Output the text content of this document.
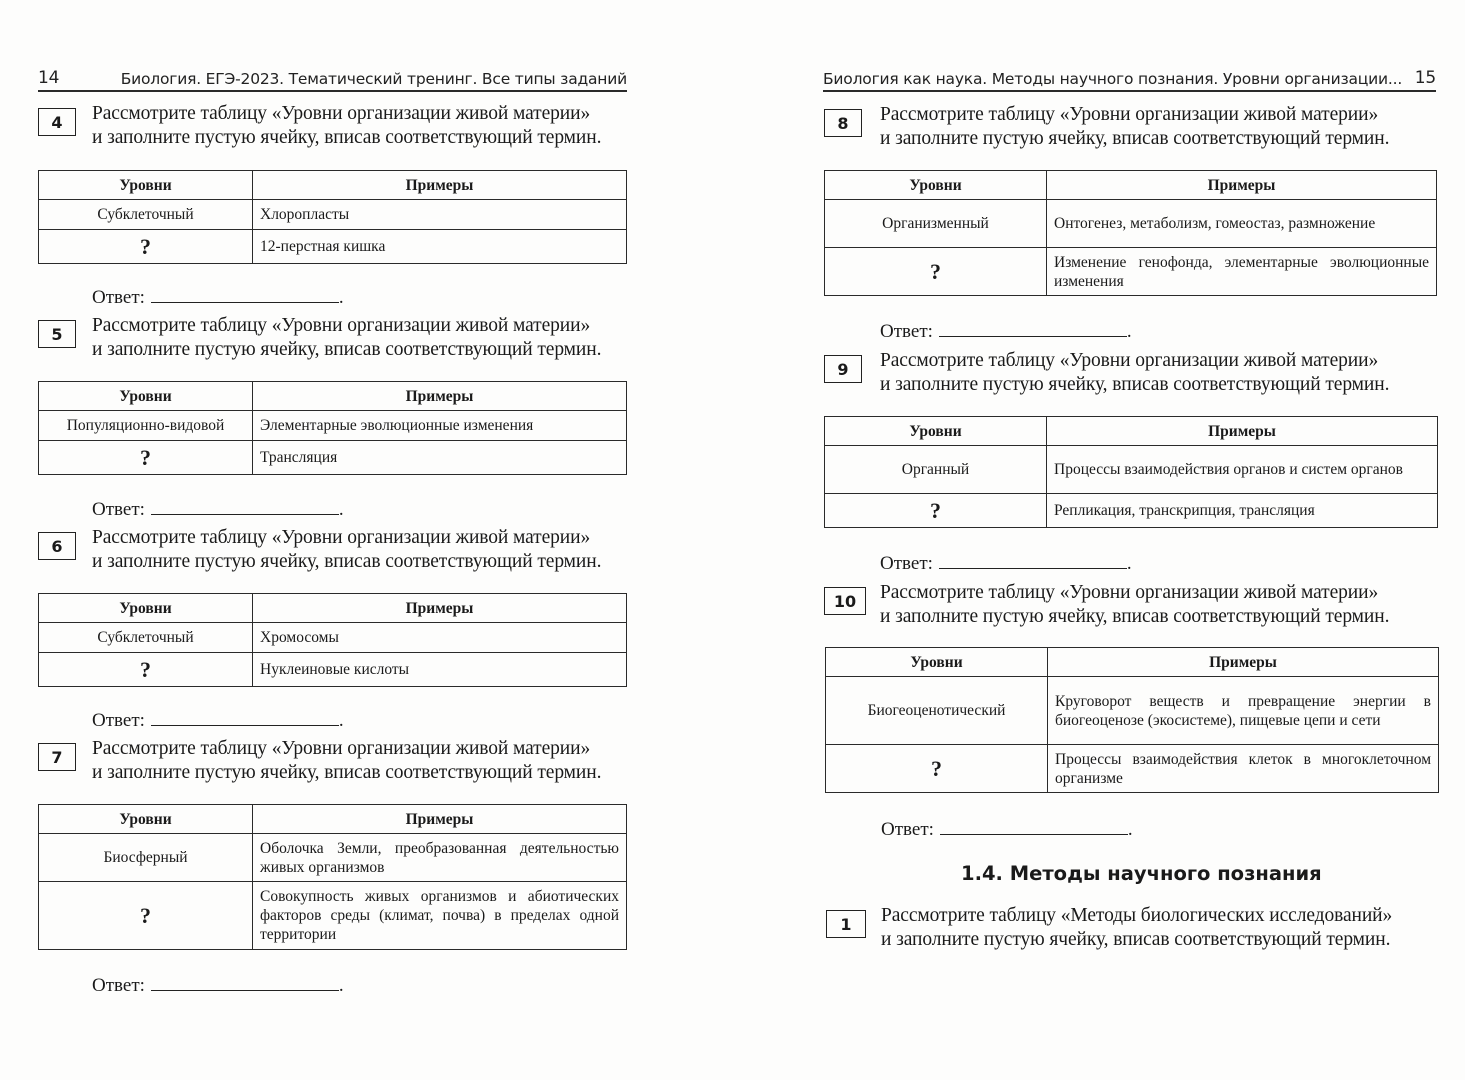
14	Биология. ЕГЭ-2023. Тематический тренинг. Все типы заданий
4	Рассмотрите таблицу «Уровни организации живой материи»
и заполните пустую ячейку, вписав соответствующий термин.
Уровни	Примеры
Субклеточный	Хлоропласты
?	12-перстная кишка
Ответ:	.
5	Рассмотрите таблицу «Уровни организации живой материи»
и заполните пустую ячейку, вписав соответствующий термин.
Уровни	Примеры
Популяционно-видовой	Элементарные эволюционные изменения
?	Трансляция
Ответ:	.
6	Рассмотрите таблицу «Уровни организации живой материи»
и заполните пустую ячейку, вписав соответствующий термин.
Уровни	Примеры
Субклеточный	Хромосомы
?	Нуклеиновые кислоты
Ответ:	.
7	Рассмотрите таблицу «Уровни организации живой материи»
и заполните пустую ячейку, вписав соответствующий термин.
Уровни	Примеры
Биосферный	Оболочка Земли, преобразованная деятельностью живых организмов
?	Совокупность живых организмов и абиотических факторов среды (климат, почва) в пределах одной территории
Ответ:	.
Биология как наука. Методы научного познания. Уровни организации... 15
8	Рассмотрите таблицу «Уровни организации живой материи»
и заполните пустую ячейку, вписав соответствующий термин.
Уровни	Примеры
Организменный	Онтогенез, метаболизм, гомеостаз, размножение
?	Изменение генофонда, элементарные эволюционные изменения
Ответ:	.
9	Рассмотрите таблицу «Уровни организации живой материи»
и заполните пустую ячейку, вписав соответствующий термин.
Уровни	Примеры
Органный	Процессы взаимодействия органов и систем органов
?	Репликация, транскрипция, трансляция
Ответ:	.
10	Рассмотрите таблицу «Уровни организации живой материи»
и заполните пустую ячейку, вписав соответствующий термин.
Уровни	Примеры
Биогеоценотический	Круговорот веществ и превращение энергии в биогеоценозе (экосистеме), пищевые цепи и сети
?	Процессы взаимодействия клеток в многоклеточном организме
Ответ:	.
1.4. Методы научного познания
1	Рассмотрите таблицу «Методы биологических исследований»
и заполните пустую ячейку, вписав соответствующий термин.
